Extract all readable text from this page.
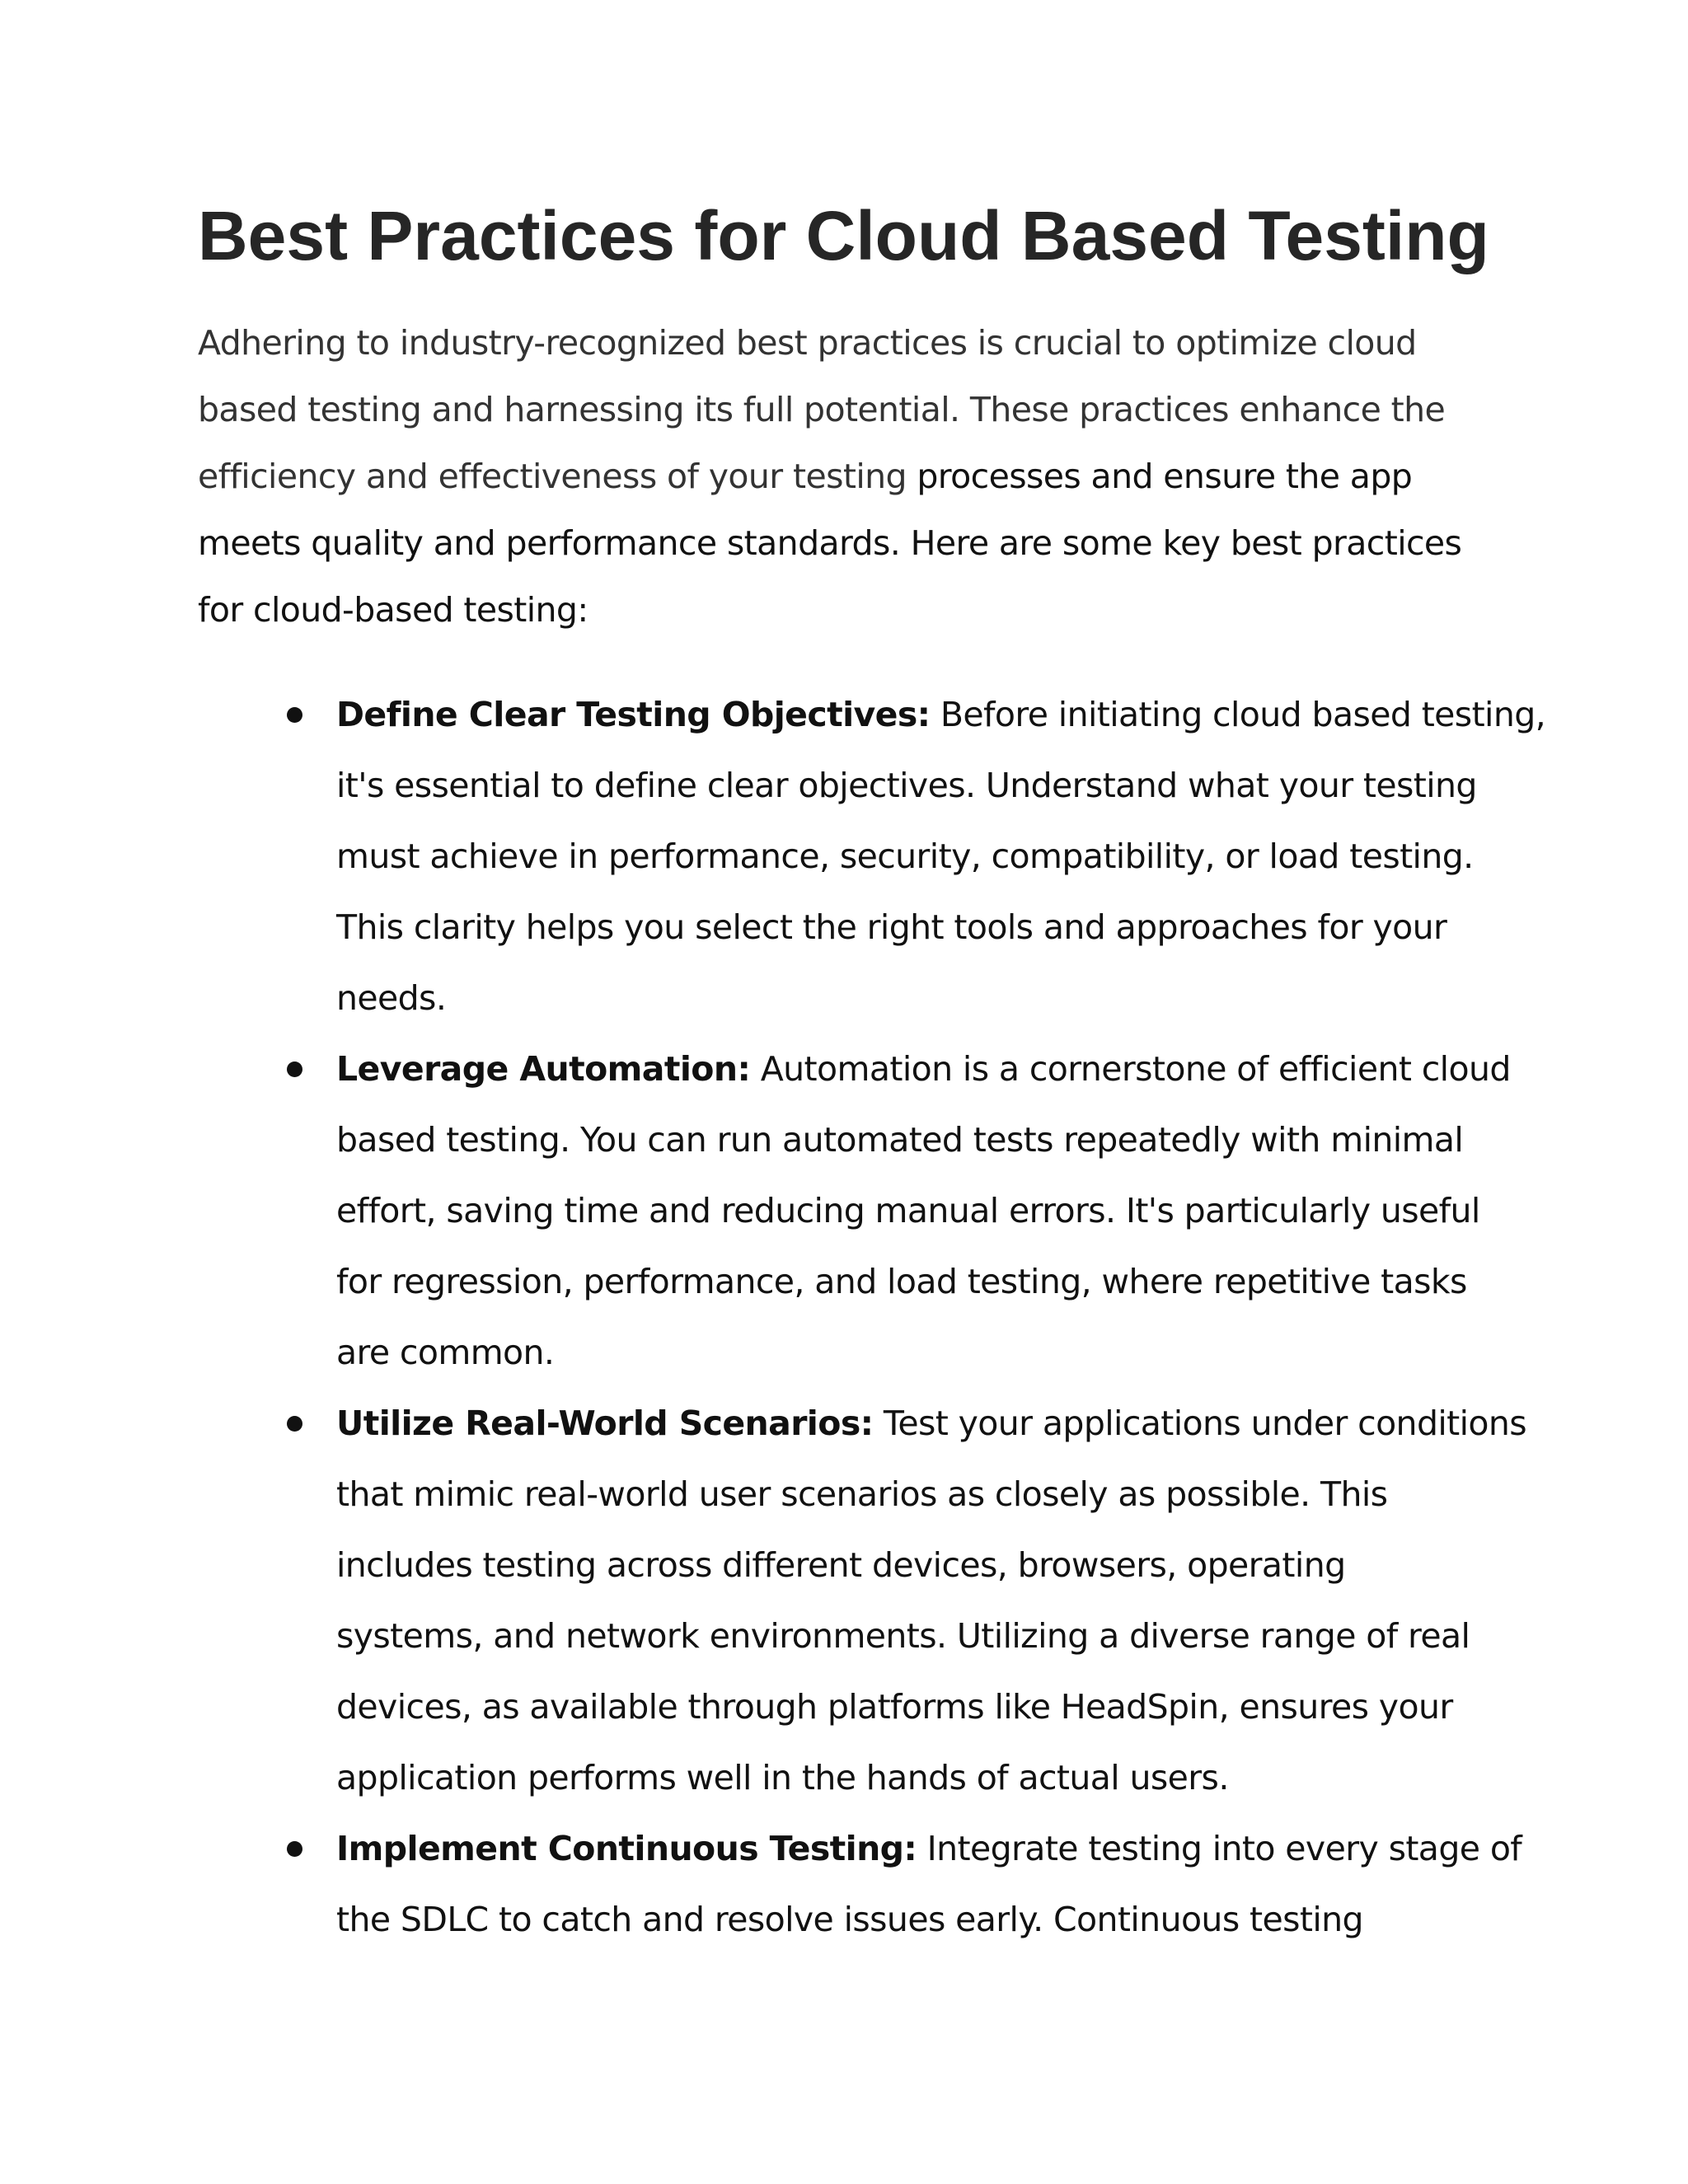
Best Practices for Cloud Based Testing

Adhering to industry-recognized best practices is crucial to optimize cloud
based testing and harnessing its full potential. These practices enhance the
efficiency and effectiveness of your testing processes and ensure the app
meets quality and performance standards. Here are some key best practices
for cloud-based testing:

Define Clear Testing Objectives: Before initiating cloud based testing,
it's essential to define clear objectives. Understand what your testing
must achieve in performance, security, compatibility, or load testing.
This clarity helps you select the right tools and approaches for your
needs.
Leverage Automation: Automation is a cornerstone of efficient cloud
based testing. You can run automated tests repeatedly with minimal
effort, saving time and reducing manual errors. It's particularly useful
for regression, performance, and load testing, where repetitive tasks
are common.
Utilize Real-World Scenarios: Test your applications under conditions
that mimic real-world user scenarios as closely as possible. This
includes testing across different devices, browsers, operating
systems, and network environments. Utilizing a diverse range of real
devices, as available through platforms like HeadSpin, ensures your
application performs well in the hands of actual users.
Implement Continuous Testing: Integrate testing into every stage of
the SDLC to catch and resolve issues early. Continuous testing
